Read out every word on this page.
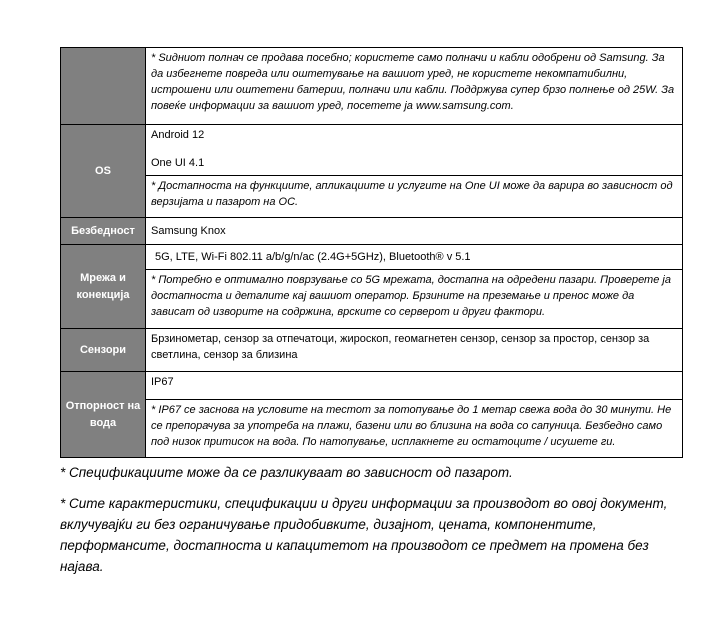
	* Ѕидниот полнач се продава посебно; користете само полначи и кабли одобрени од Samsung. За да избегнете повреда или оштетување на вашиот уред, не користете некомпатибилни, истрошени или оштетени батерии, полначи или кабли. Поддржува супер брзо полнење од 25W. За повеќе информации за вашиот уред, посетете ја www.samsung.com.
OS	Android 12
One UI 4.1

	* Достапноста на функциите, апликациите и услугите на One UI може да варира во зависност од верзијата и пазарот на ОС.
Безбедност	Samsung Knox
Мрежа и конекција	5G, LTE, Wi-Fi 802.11 a/b/g/n/ac (2.4G+5GHz), Bluetooth® v 5.1
	* Потребно е оптимално поврзување со 5G мрежата, достапна на одредени пазари. Проверете ја достапноста и деталите кај вашиот оператор. Брзините на преземање и пренос може да зависат од изворите на содржина, врските со серверот и други фактори.
Сензори	Брзинометар, сензор за отпечатоци, жироскоп, геомагнетен сензор, сензор за простор, сензор за светлина, сензор за близина
Отпорност на вода	IP67
	* IP67 се заснова на условите на тестот за потопување до 1 метар свежа вода до 30 минути. Не се препорачува за употреба на плажи, базени или во близина на вода со сапуница. Безбедно само под низок притисок на вода. По натопување, исплакнете ги остатоците / исушете ги.

* Спецификациите може да се разликуваат во зависност од пазарот.

* Сите карактеристики, спецификации и други информации за производот во овој документ, вклучувајќи ги без ограничување придобивките, дизајнот, цената, компонентите, перформансите, достапноста и капацитетот на производот се предмет на промена без најава.
